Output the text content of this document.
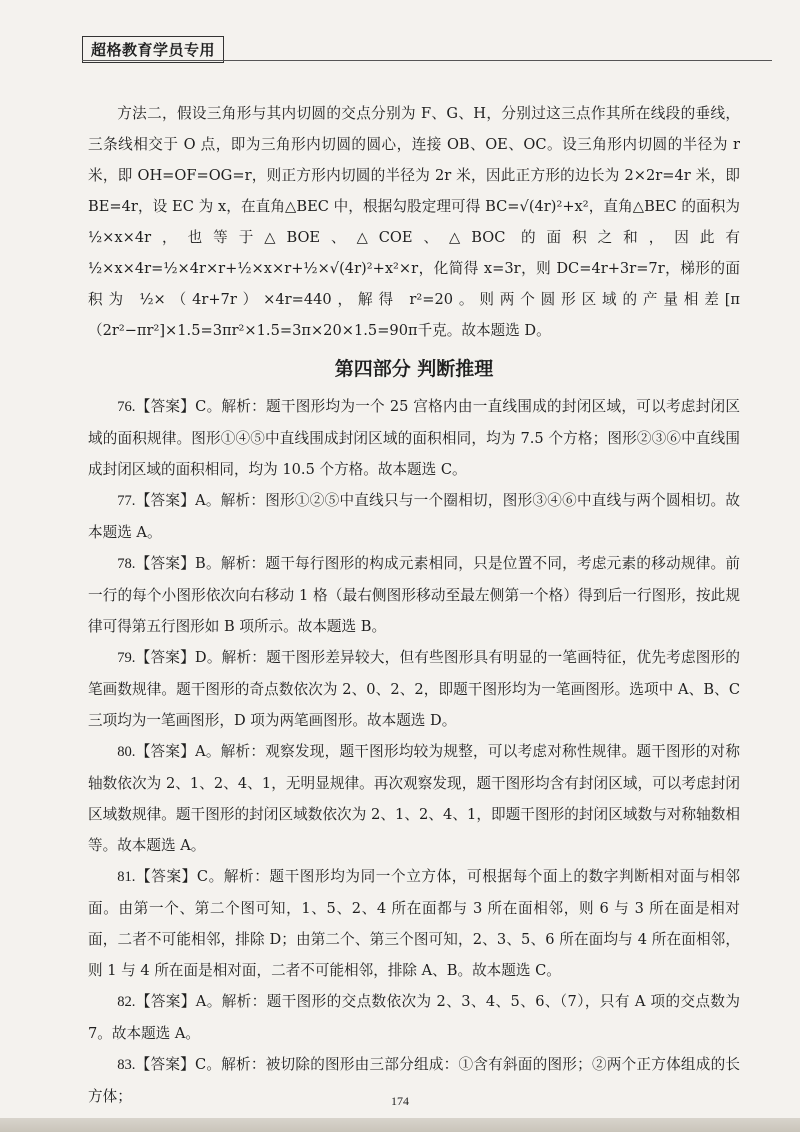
超格教育学员专用

方法二，假设三角形与其内切圆的交点分别为 F、G、H，分别过这三点作其所在线段的垂线，三条线相交于 O 点，即为三角形内切圆的圆心，连接 OB、OE、OC。设三角形内切圆的半径为 r 米，即 OH=OF=OG=r，则正方形内切圆的半径为 2r 米，因此正方形的边长为 2×2r=4r 米，即 BE=4r，设 EC 为 x，在直角△BEC 中，根据勾股定理可得 BC=√(4r)²+x²，直角△BEC 的面积为 ½×x×4r，也等于△BOE、△COE、△BOC 的面积之和，因此有 ½×x×4r=½×4r×r+½×x×r+½×√(4r)²+x²×r，化简得 x=3r，则 DC=4r+3r=7r，梯形的面积为 ½×（4r+7r）×4r=440，解得 r²=20。则两个圆形区域的产量相差[π（2r²−πr²]×1.5=3πr²×1.5=3π×20×1.5=90π千克。故本题选 D。

第四部分 判断推理

76.【答案】C。解析：题干图形均为一个 25 宫格内由一直线围成的封闭区域，可以考虑封闭区域的面积规律。图形①④⑤中直线围成封闭区域的面积相同，均为 7.5 个方格；图形②③⑥中直线围成封闭区域的面积相同，均为 10.5 个方格。故本题选 C。

77.【答案】A。解析：图形①②⑤中直线只与一个圈相切，图形③④⑥中直线与两个圆相切。故本题选 A。

78.【答案】B。解析：题干每行图形的构成元素相同，只是位置不同，考虑元素的移动规律。前一行的每个小图形依次向右移动 1 格（最右侧图形移动至最左侧第一个格）得到后一行图形，按此规律可得第五行图形如 B 项所示。故本题选 B。

79.【答案】D。解析：题干图形差异较大，但有些图形具有明显的一笔画特征，优先考虑图形的笔画数规律。题干图形的奇点数依次为 2、0、2、2，即题干图形均为一笔画图形。选项中 A、B、C 三项均为一笔画图形，D 项为两笔画图形。故本题选 D。

80.【答案】A。解析：观察发现，题干图形均较为规整，可以考虑对称性规律。题干图形的对称轴数依次为 2、1、2、4、1，无明显规律。再次观察发现，题干图形均含有封闭区域，可以考虑封闭区域数规律。题干图形的封闭区域数依次为 2、1、2、4、1，即题干图形的封闭区域数与对称轴数相等。故本题选 A。

81.【答案】C。解析：题干图形均为同一个立方体，可根据每个面上的数字判断相对面与相邻面。由第一个、第二个图可知，1、5、2、4 所在面都与 3 所在面相邻，则 6 与 3 所在面是相对面，二者不可能相邻，排除 D；由第二个、第三个图可知，2、3、5、6 所在面均与 4 所在面相邻，则 1 与 4 所在面是相对面，二者不可能相邻，排除 A、B。故本题选 C。

82.【答案】A。解析：题干图形的交点数依次为 2、3、4、5、6、（7），只有 A 项的交点数为 7。故本题选 A。

83.【答案】C。解析：被切除的图形由三部分组成：①含有斜面的图形；②两个正方体组成的长方体；	174
